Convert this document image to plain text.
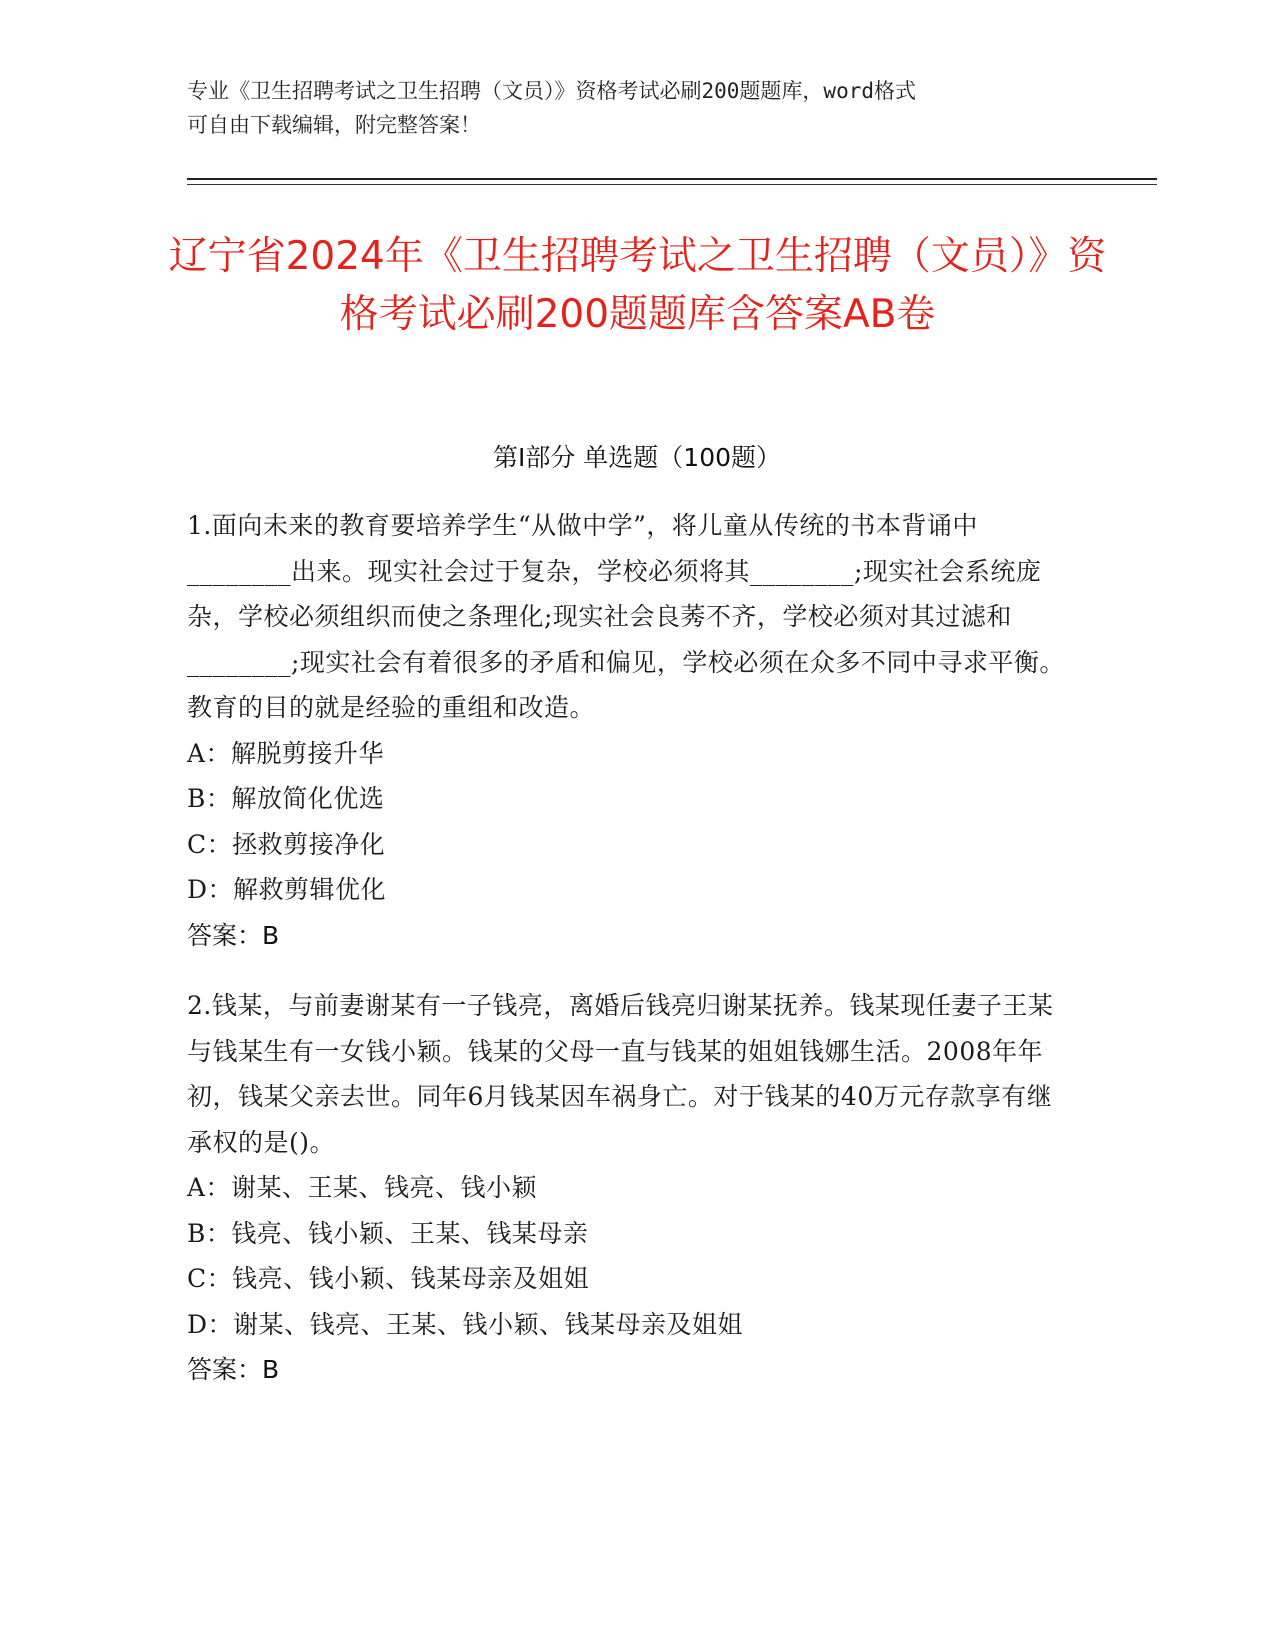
专业《卫生招聘考试之卫生招聘（文员）》资格考试必刷200题题库，word格式
可自由下载编辑，附完整答案！
辽宁省2024年《卫生招聘考试之卫生招聘（文员）》资格考试必刷200题题库含答案AB卷
第Ⅰ部分 单选题（100题）
1.面向未来的教育要培养学生“从做中学”，将儿童从传统的书本背诵中________出来。现实社会过于复杂，学校必须将其________;现实社会系统庞杂，学校必须组织而使之条理化;现实社会良莠不齐，学校必须对其过滤和________;现实社会有着很多的矛盾和偏见，学校必须在众多不同中寻求平衡。教育的目的就是经验的重组和改造。
A：解脱剪接升华
B：解放简化优选
C：拯救剪接净化
D：解救剪辑优化
答案：B
2.钱某，与前妻谢某有一子钱亮，离婚后钱亮归谢某抚养。钱某现任妻子王某与钱某生有一女钱小颖。钱某的父母一直与钱某的姐姐钱娜生活。2008年年初，钱某父亲去世。同年6月钱某因车祸身亡。对于钱某的40万元存款享有继承权的是()。
A：谢某、王某、钱亮、钱小颖
B：钱亮、钱小颖、王某、钱某母亲
C：钱亮、钱小颖、钱某母亲及姐姐
D：谢某、钱亮、王某、钱小颖、钱某母亲及姐姐
答案：B
